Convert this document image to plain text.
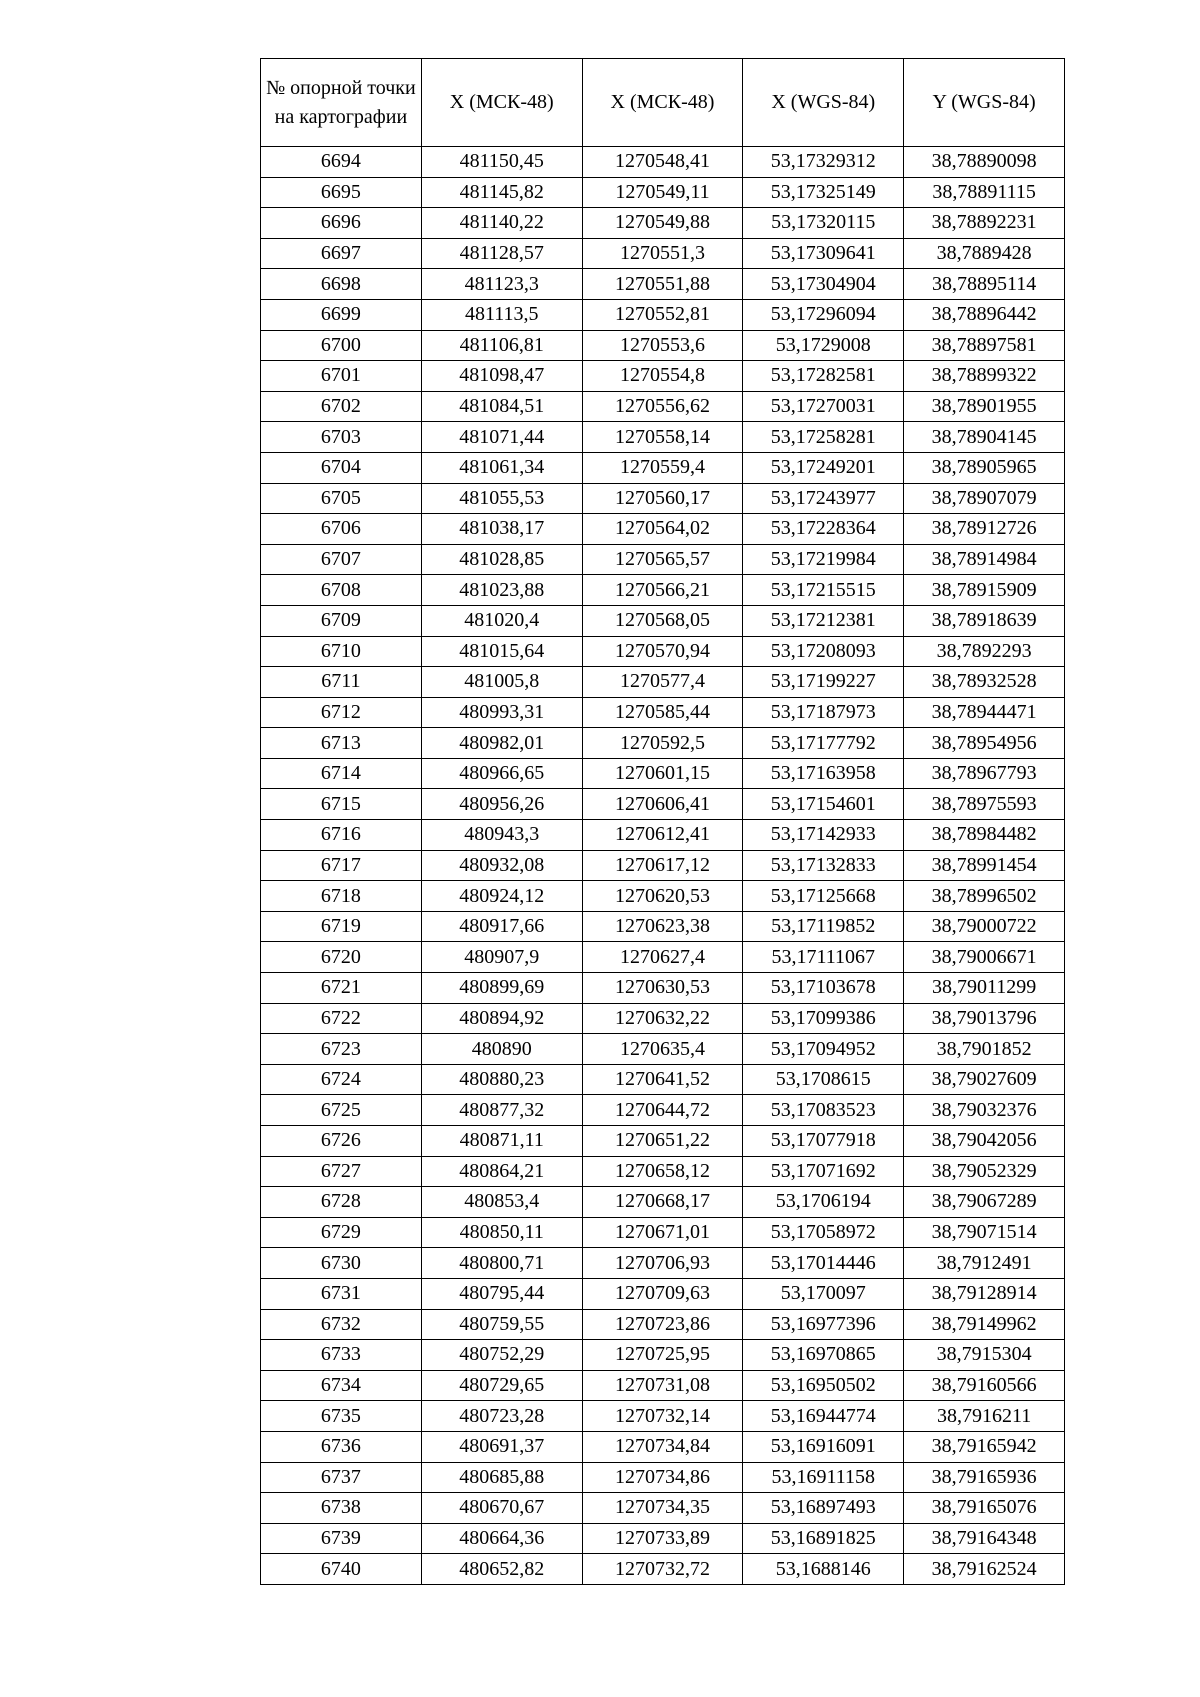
№ опорной точки на картографии	X (МСК-48)	X (МСК-48)	X (WGS-84)	Y (WGS-84)
6694	481150,45	1270548,41	53,17329312	38,78890098
6695	481145,82	1270549,11	53,17325149	38,78891115
6696	481140,22	1270549,88	53,17320115	38,78892231
6697	481128,57	1270551,3	53,17309641	38,7889428
6698	481123,3	1270551,88	53,17304904	38,78895114
6699	481113,5	1270552,81	53,17296094	38,78896442
6700	481106,81	1270553,6	53,1729008	38,78897581
6701	481098,47	1270554,8	53,17282581	38,78899322
6702	481084,51	1270556,62	53,17270031	38,78901955
6703	481071,44	1270558,14	53,17258281	38,78904145
6704	481061,34	1270559,4	53,17249201	38,78905965
6705	481055,53	1270560,17	53,17243977	38,78907079
6706	481038,17	1270564,02	53,17228364	38,78912726
6707	481028,85	1270565,57	53,17219984	38,78914984
6708	481023,88	1270566,21	53,17215515	38,78915909
6709	481020,4	1270568,05	53,17212381	38,78918639
6710	481015,64	1270570,94	53,17208093	38,7892293
6711	481005,8	1270577,4	53,17199227	38,78932528
6712	480993,31	1270585,44	53,17187973	38,78944471
6713	480982,01	1270592,5	53,17177792	38,78954956
6714	480966,65	1270601,15	53,17163958	38,78967793
6715	480956,26	1270606,41	53,17154601	38,78975593
6716	480943,3	1270612,41	53,17142933	38,78984482
6717	480932,08	1270617,12	53,17132833	38,78991454
6718	480924,12	1270620,53	53,17125668	38,78996502
6719	480917,66	1270623,38	53,17119852	38,79000722
6720	480907,9	1270627,4	53,17111067	38,79006671
6721	480899,69	1270630,53	53,17103678	38,79011299
6722	480894,92	1270632,22	53,17099386	38,79013796
6723	480890	1270635,4	53,17094952	38,7901852
6724	480880,23	1270641,52	53,1708615	38,79027609
6725	480877,32	1270644,72	53,17083523	38,79032376
6726	480871,11	1270651,22	53,17077918	38,79042056
6727	480864,21	1270658,12	53,17071692	38,79052329
6728	480853,4	1270668,17	53,1706194	38,79067289
6729	480850,11	1270671,01	53,17058972	38,79071514
6730	480800,71	1270706,93	53,17014446	38,7912491
6731	480795,44	1270709,63	53,170097	38,79128914
6732	480759,55	1270723,86	53,16977396	38,79149962
6733	480752,29	1270725,95	53,16970865	38,7915304
6734	480729,65	1270731,08	53,16950502	38,79160566
6735	480723,28	1270732,14	53,16944774	38,7916211
6736	480691,37	1270734,84	53,16916091	38,79165942
6737	480685,88	1270734,86	53,16911158	38,79165936
6738	480670,67	1270734,35	53,16897493	38,79165076
6739	480664,36	1270733,89	53,16891825	38,79164348
6740	480652,82	1270732,72	53,1688146	38,79162524
